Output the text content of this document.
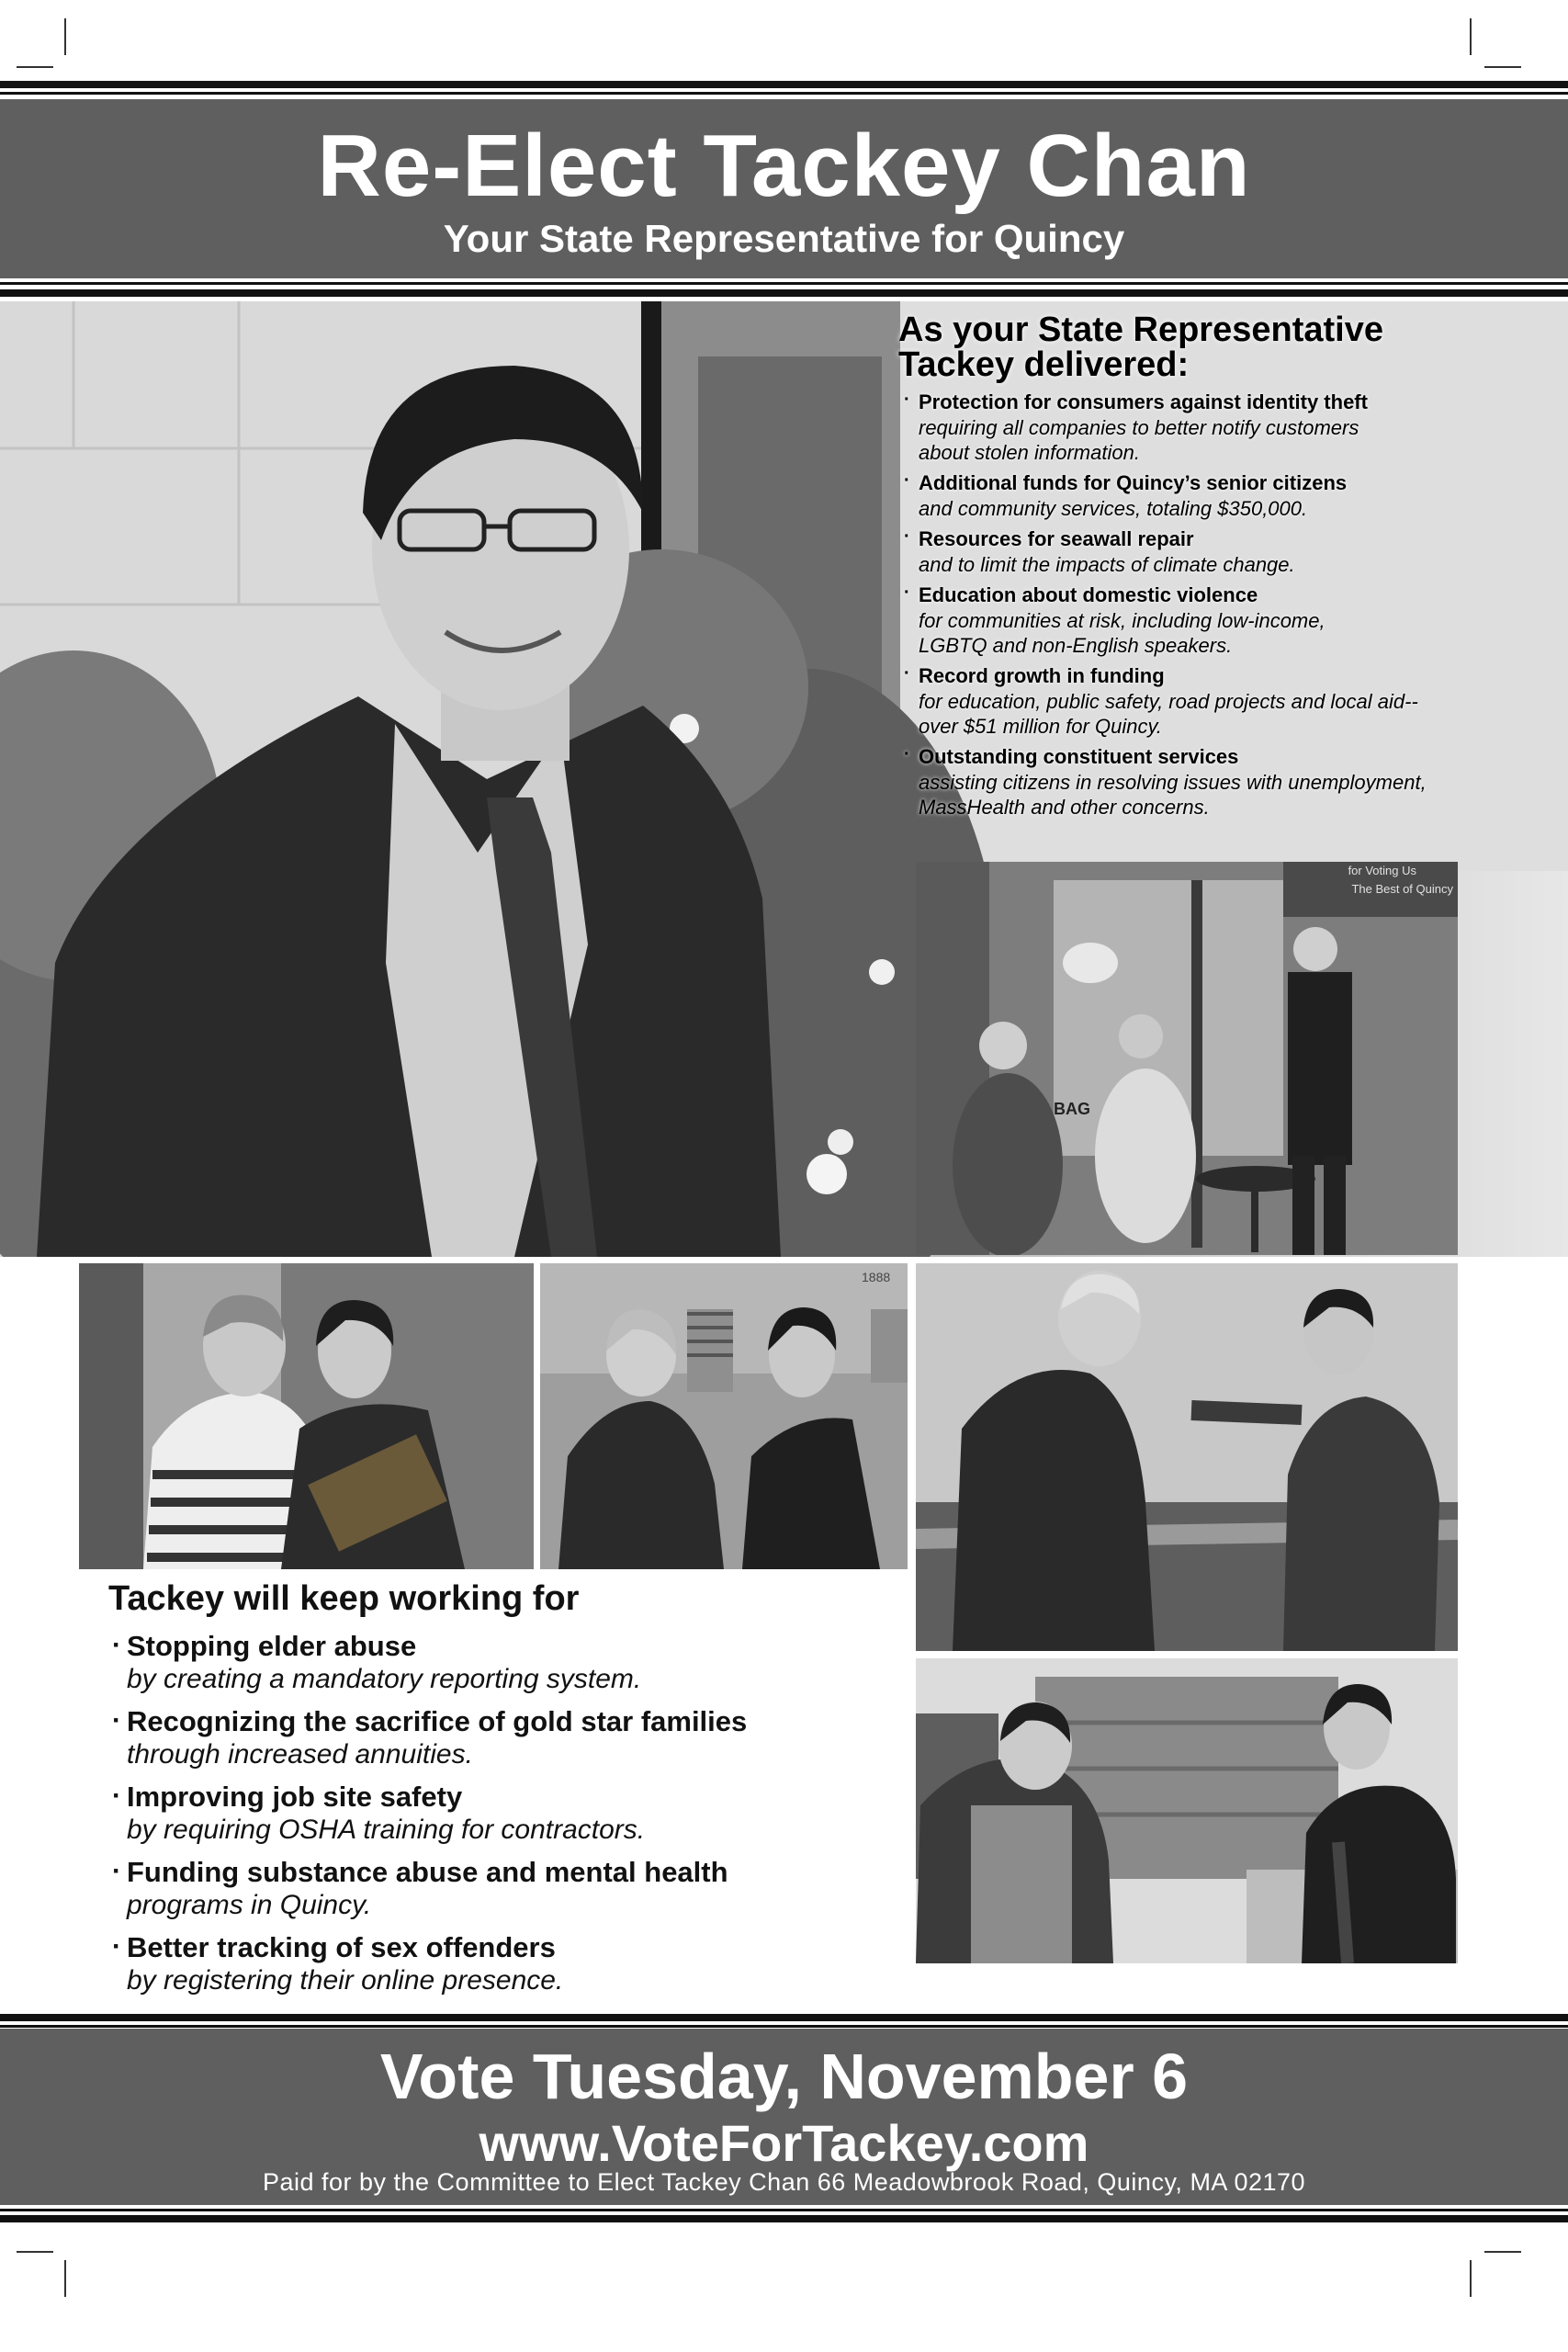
Re-Elect Tackey Chan
Your State Representative for Quincy
As your State Representative
Tackey delivered:
· Protection for consumers against identity theft
requiring all companies to better notify customers
about stolen information.
· Additional funds for Quincy’s senior citizens
and community services, totaling $350,000.
· Resources for seawall repair
and to limit the impacts of climate change.
· Education about domestic violence
for communities at risk, including low-income,
LGBTQ and non-English speakers.
· Record growth in funding
for education, public safety, road projects and local aid--
over $51 million for Quincy.
· Outstanding constituent services
assisting citizens in resolving issues with unemployment,
MassHealth and other concerns.
for Voting Us
The Best of Quincy
BAG
1888
Tackey will keep working for
· Stopping elder abuse
by creating a mandatory reporting system.
· Recognizing the sacrifice of gold star families
through increased annuities.
· Improving job site safety
by requiring OSHA training for contractors.
· Funding substance abuse and mental health
programs in Quincy.
· Better tracking of sex offenders
by registering their online presence.
Vote Tuesday, November 6
www.VoteForTackey.com
Paid for by the Committee to Elect Tackey Chan 66 Meadowbrook Road, Quincy, MA 02170
